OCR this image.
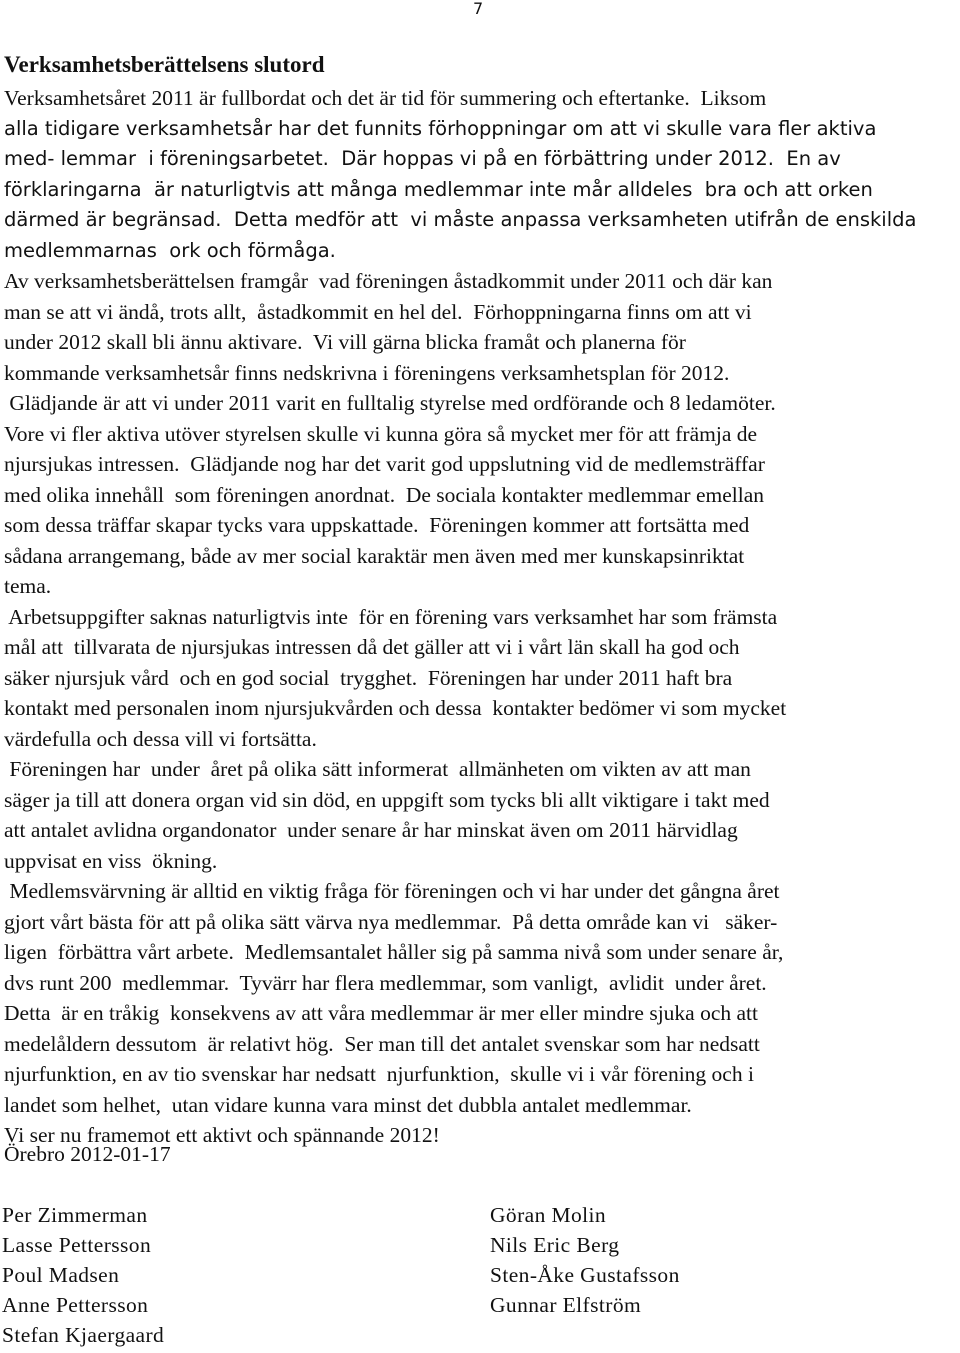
7
Verksamhetsberättelsens slutord
Verksamhetsåret 2011 är fullbordat och det är tid för summering och eftertanke.  Liksom
alla tidigare verksamhetsår har det funnits förhoppningar om att vi skulle vara fler aktiva
med- lemmar  i föreningsarbetet.  Där hoppas vi på en förbättring under 2012.  En av
förklaringarna  är naturligtvis att många medlemmar inte mår alldeles  bra och att orken
därmed är begränsad.  Detta medför att  vi måste anpassa verksamheten utifrån de enskilda
medlemmarnas  ork och förmåga.
Av verksamhetsberättelsen framgår  vad föreningen åstadkommit under 2011 och där kan
man se att vi ändå, trots allt,  åstadkommit en hel del.  Förhoppningarna finns om att vi
under 2012 skall bli ännu aktivare.  Vi vill gärna blicka framåt och planerna för
kommande verksamhetsår finns nedskrivna i föreningens verksamhetsplan för 2012.
Glädjande är att vi under 2011 varit en fulltalig styrelse med ordförande och 8 ledamöter.
Vore vi fler aktiva utöver styrelsen skulle vi kunna göra så mycket mer för att främja de
njursjukas intressen.  Glädjande nog har det varit god uppslutning vid de medlemsträffar
med olika innehåll  som föreningen anordnat.  De sociala kontakter medlemmar emellan
som dessa träffar skapar tycks vara uppskattade.  Föreningen kommer att fortsätta med
sådana arrangemang, både av mer social karaktär men även med mer kunskapsinriktat
tema.
Arbetsuppgifter saknas naturligtvis inte  för en förening vars verksamhet har som främsta
mål att  tillvarata de njursjukas intressen då det gäller att vi i vårt län skall ha god och
säker njursjuk vård  och en god social  trygghet.  Föreningen har under 2011 haft bra
kontakt med personalen inom njursjukvården och dessa  kontakter bedömer vi som mycket
värdefulla och dessa vill vi fortsätta.
Föreningen har  under  året på olika sätt informerat  allmänheten om vikten av att man
säger ja till att donera organ vid sin död, en uppgift som tycks bli allt viktigare i takt med
att antalet avlidna organdonator  under senare år har minskat även om 2011 härvidlag
uppvisat en viss  ökning.
Medlemsvärvning är alltid en viktig fråga för föreningen och vi har under det gångna året
gjort vårt bästa för att på olika sätt värva nya medlemmar.  På detta område kan vi   säker-
ligen  förbättra vårt arbete.  Medlemsantalet håller sig på samma nivå som under senare år,
dvs runt 200  medlemmar.  Tyvärr har flera medlemmar, som vanligt,  avlidit  under året.
Detta  är en tråkig  konsekvens av att våra medlemmar är mer eller mindre sjuka och att
medelåldern dessutom  är relativt hög.  Ser man till det antalet svenskar som har nedsatt
njurfunktion, en av tio svenskar har nedsatt  njurfunktion,  skulle vi i vår förening och i
landet som helhet,  utan vidare kunna vara minst det dubbla antalet medlemmar.
Vi ser nu framemot ett aktivt och spännande 2012!
Örebro 2012-01-17
Per Zimmerman
Lasse Pettersson
Poul Madsen
Anne Pettersson
Stefan Kjaergaard
Göran Molin
Nils Eric Berg
Sten-Åke Gustafsson
Gunnar Elfström
